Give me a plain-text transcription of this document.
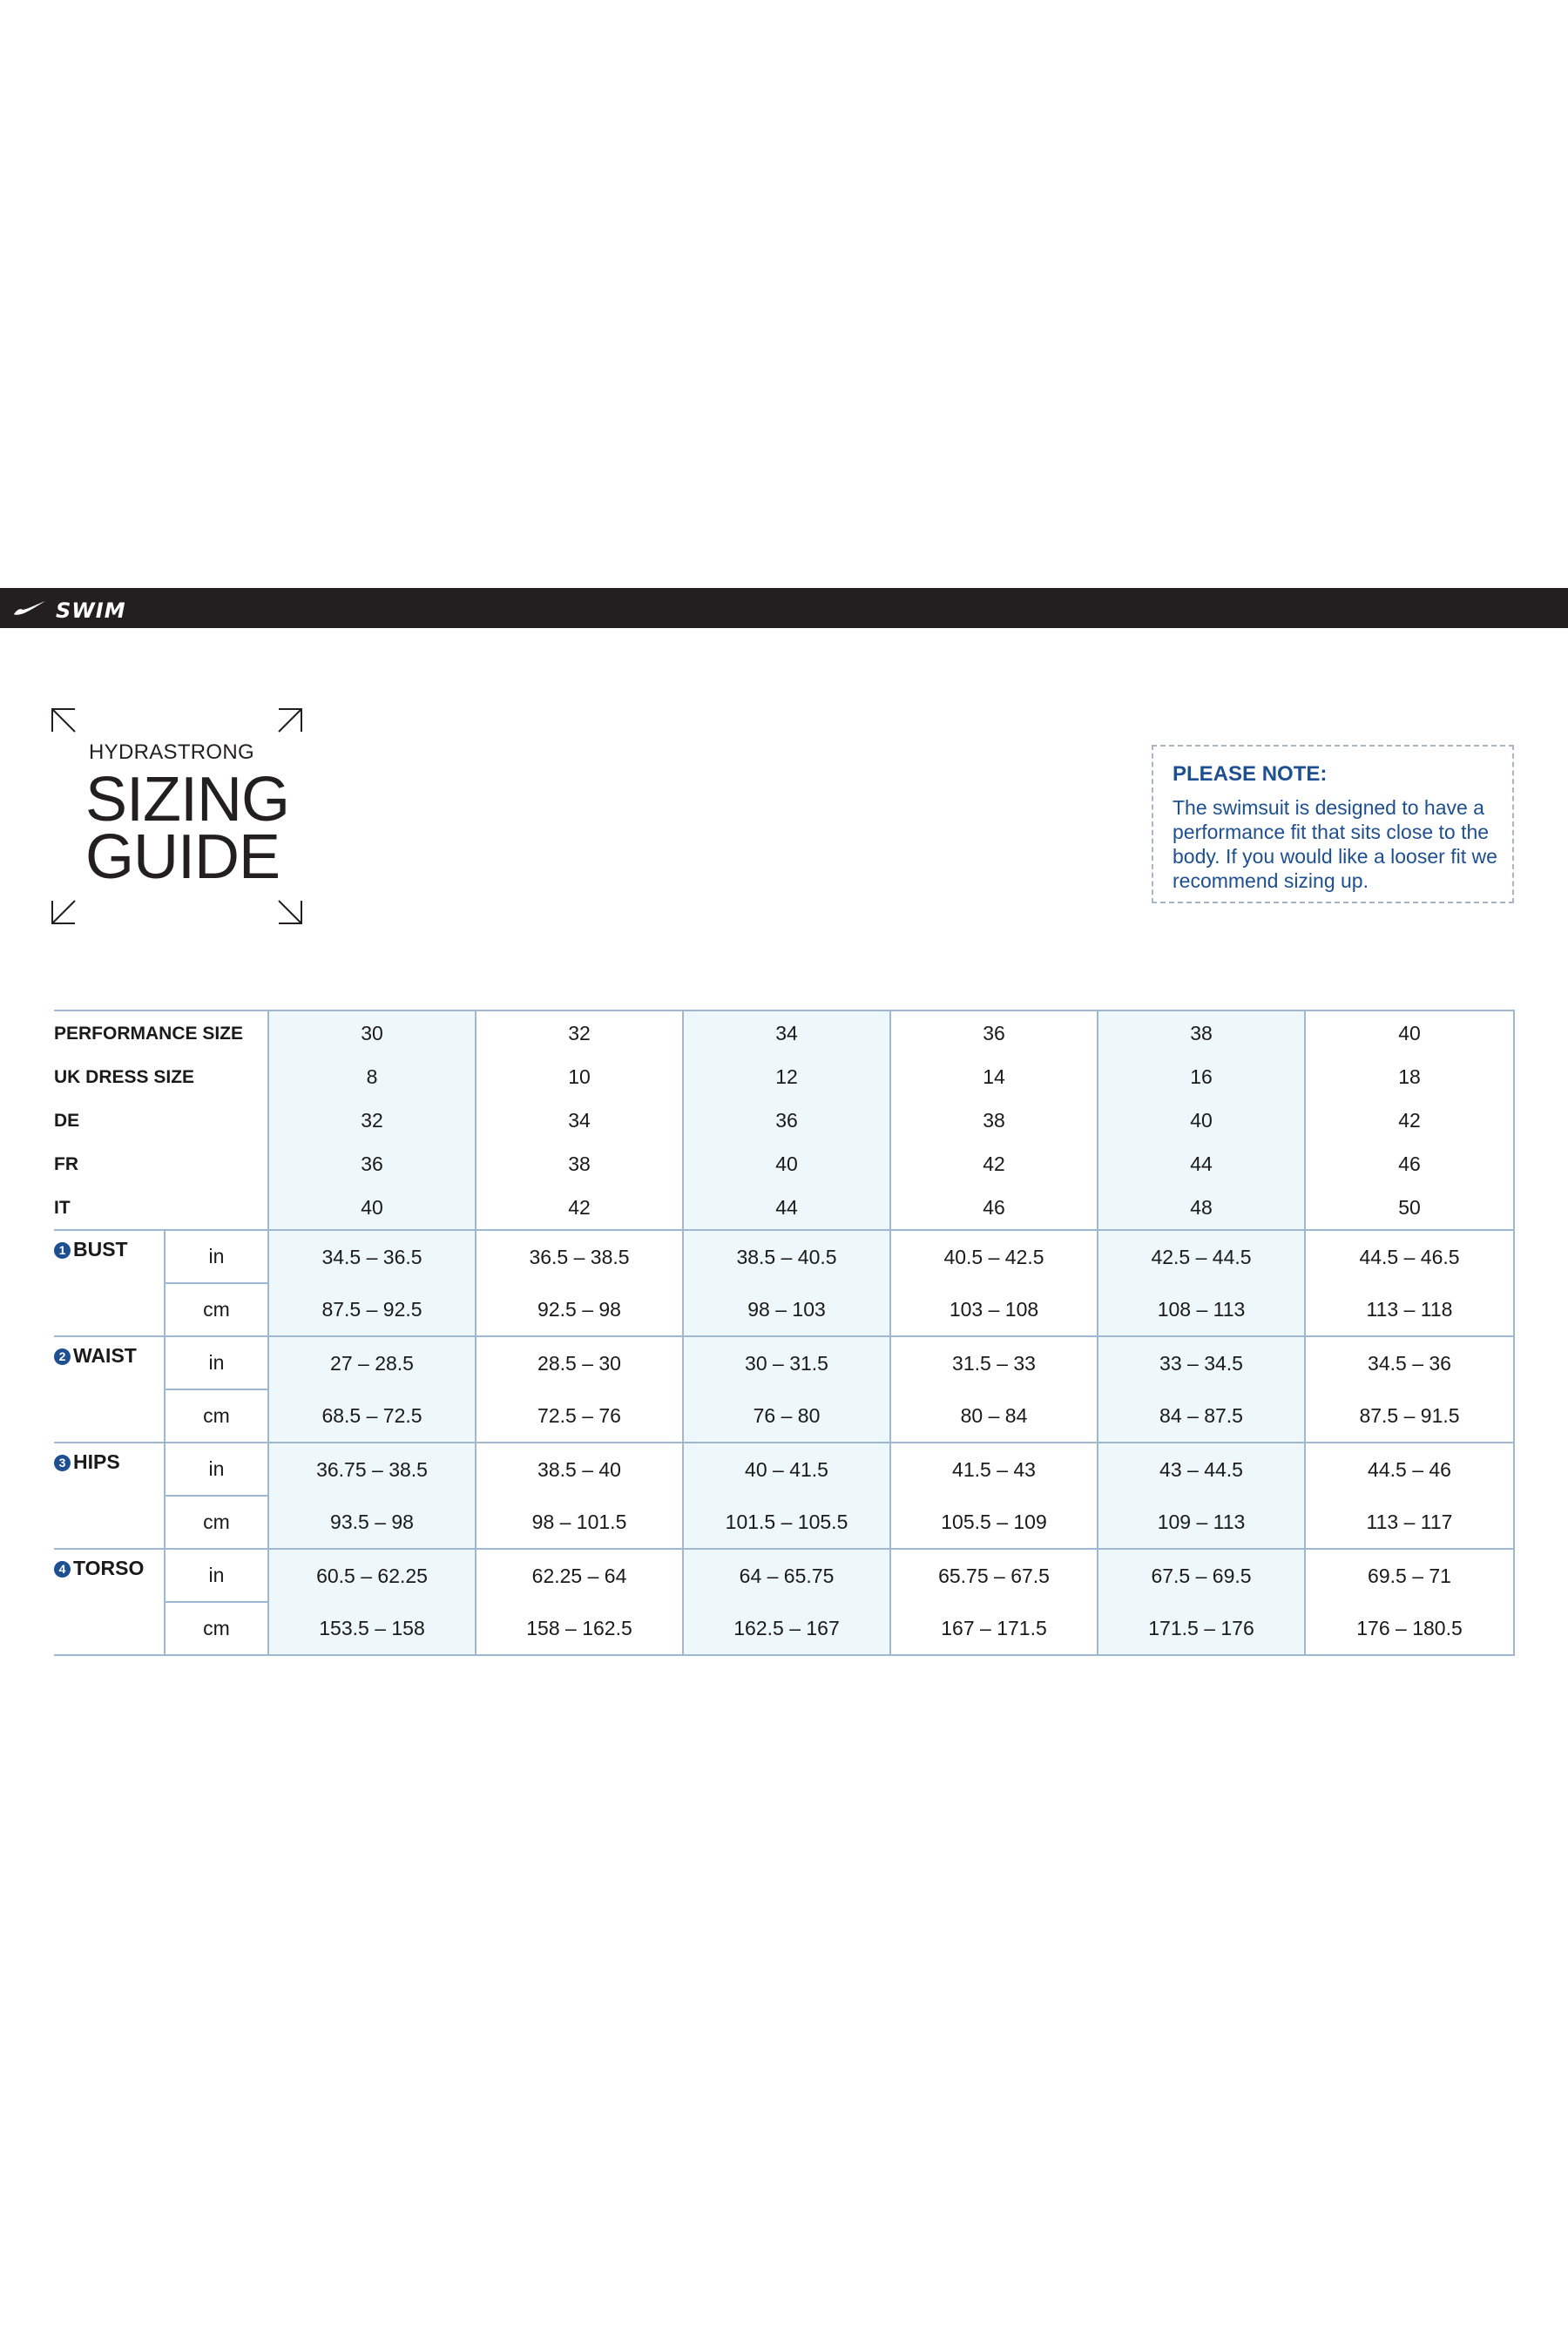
SWIM
HYDRASTRONG
SIZING
GUIDE
PLEASE NOTE:
The swimsuit is designed to have a performance fit that sits close to the body. If you would like a looser fit we recommend sizing up.
PERFORMANCE SIZE		30	32	34	36	38	40
UK DRESS SIZE		8	10	12	14	16	18
DE		32	34	36	38	40	42
FR		36	38	40	42	44	46
IT		40	42	44	46	48	50
1 BUST	in	34.5 – 36.5	36.5 – 38.5	38.5 – 40.5	40.5 – 42.5	42.5 – 44.5	44.5 – 46.5
	cm	87.5 – 92.5	92.5 – 98	98 – 103	103 – 108	108 – 113	113 – 118
2 WAIST	in	27 – 28.5	28.5 – 30	30 – 31.5	31.5 – 33	33 – 34.5	34.5 – 36
	cm	68.5 – 72.5	72.5 – 76	76 – 80	80 – 84	84 – 87.5	87.5 – 91.5
3 HIPS	in	36.75 – 38.5	38.5 – 40	40 – 41.5	41.5 – 43	43 – 44.5	44.5 – 46
	cm	93.5 – 98	98 – 101.5	101.5 – 105.5	105.5 – 109	109 – 113	113 – 117
4 TORSO	in	60.5 – 62.25	62.25 – 64	64 – 65.75	65.75 – 67.5	67.5 – 69.5	69.5 – 71
	cm	153.5 – 158	158 – 162.5	162.5 – 167	167 – 171.5	171.5 – 176	176 – 180.5
